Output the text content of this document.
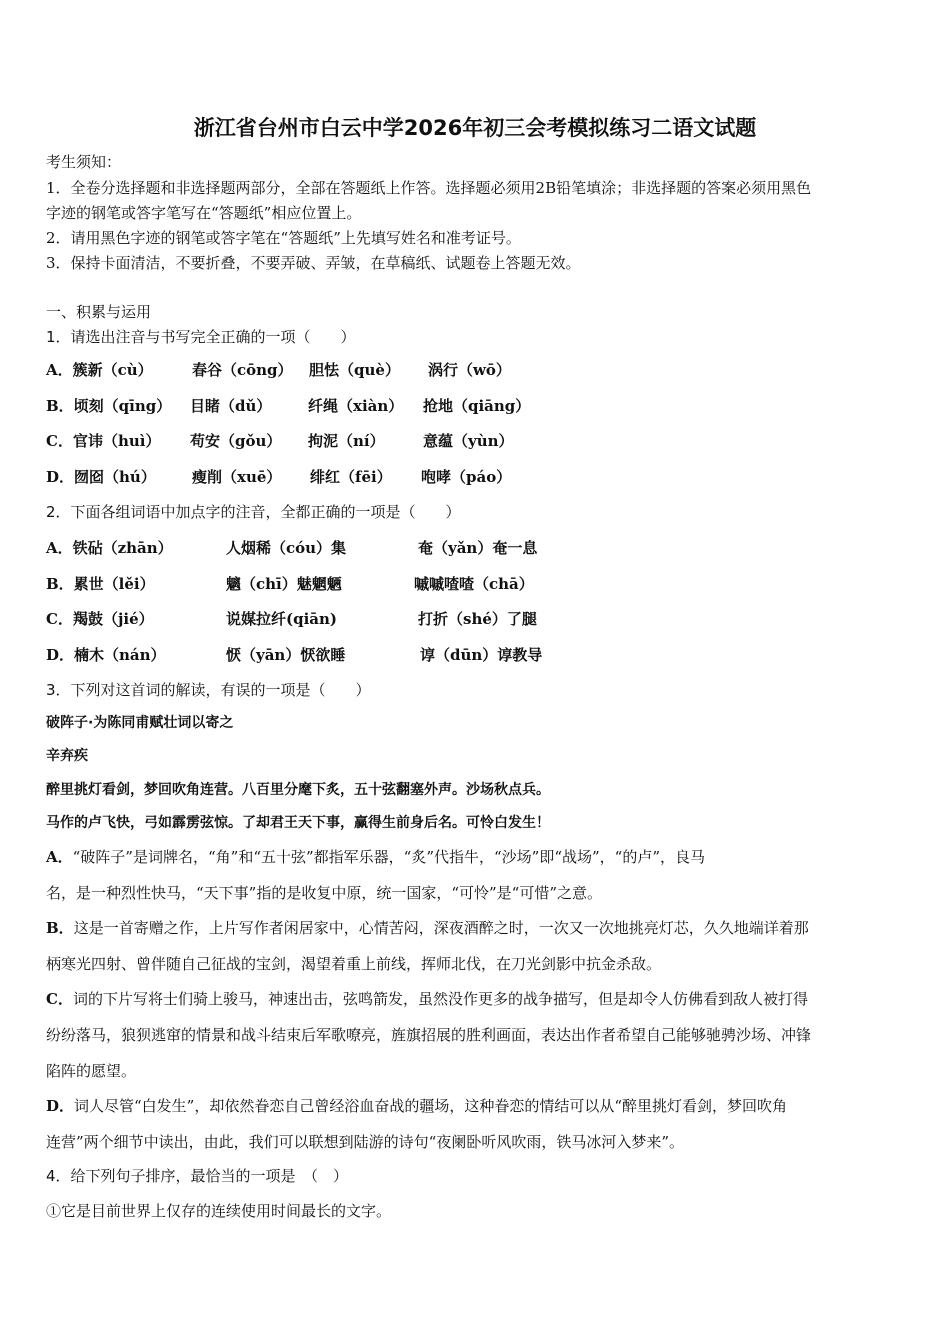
浙江省台州市白云中学2026年初三会考模拟练习二语文试题
考生须知：
1．全卷分选择题和非选择题两部分，全部在答题纸上作答。选择题必须用2B铅笔填涂；非选择题的答案必须用黑色
字迹的钢笔或答字笔写在“答题纸”相应位置上。
2．请用黑色字迹的钢笔或答字笔在“答题纸”上先填写姓名和准考证号。
3．保持卡面清洁，不要折叠，不要弄破、弄皱，在草稿纸、试题卷上答题无效。
一、积累与运用
1．请选出注音与书写完全正确的一项（　　）
A．簇新（cù）	春谷（cōng） 胆怯（què） 涡行（wō）
B．顷刻（qīng） 目睹（dǔ） 纤绳（xiàn） 抢地（qiāng）
C．官讳（huì） 苟安（gǒu） 拘泥（ní）	意蕴（yùn）
D．囫囵（hú） 瘦削（xuē） 绯红（fēi） 咆哮（páo）
2．下面各组词语中加点字的注音，全都正确的一项是（　　）
A．铁砧（zhān）	人烟稀（cóu）集	奄（yǎn）奄一息
B．累世（lěi）	魑（chī）魅魍魉	嘁嘁喳喳（chā）
C．羯鼓（jié）	说媒拉纤(qiān)	打折（shé）了腿
D．楠木（nán）	恹（yān）恹欲睡	谆（dūn）谆教导
3．下列对这首词的解读，有误的一项是（　　）
破阵子·为陈同甫赋壮词以寄之
辛弃疾
醉里挑灯看剑，梦回吹角连营。八百里分麾下炙，五十弦翻塞外声。沙场秋点兵。
马作的卢飞快，弓如霹雳弦惊。了却君王天下事，赢得生前身后名。可怜白发生！
A．“破阵子”是词牌名，“角”和“五十弦”都指军乐器，“炙”代指牛，“沙场”即“战场”，“的卢”，良马
名，是一种烈性快马，“天下事”指的是收复中原，统一国家，“可怜”是“可惜”之意。
B．这是一首寄赠之作，上片写作者闲居家中，心情苦闷，深夜酒醉之时，一次又一次地挑亮灯芯，久久地端详着那
柄寒光四射、曾伴随自己征战的宝剑，渴望着重上前线，挥师北伐，在刀光剑影中抗金杀敌。
C．词的下片写将士们骑上骏马，神速出击，弦鸣箭发，虽然没作更多的战争描写，但是却令人仿佛看到敌人被打得
纷纷落马，狼狈逃窜的情景和战斗结束后军歌嘹亮，旌旗招展的胜利画面，表达出作者希望自己能够驰骋沙场、冲锋
陷阵的愿望。
D．词人尽管“白发生”，却依然眷恋自己曾经浴血奋战的疆场，这种眷恋的情结可以从“醉里挑灯看剑，梦回吹角
连营”两个细节中读出，由此，我们可以联想到陆游的诗句“夜阑卧听风吹雨，铁马冰河入梦来”。
4．给下列句子排序，最恰当的一项是　（　）
①它是目前世界上仅存的连续使用时间最长的文字。
